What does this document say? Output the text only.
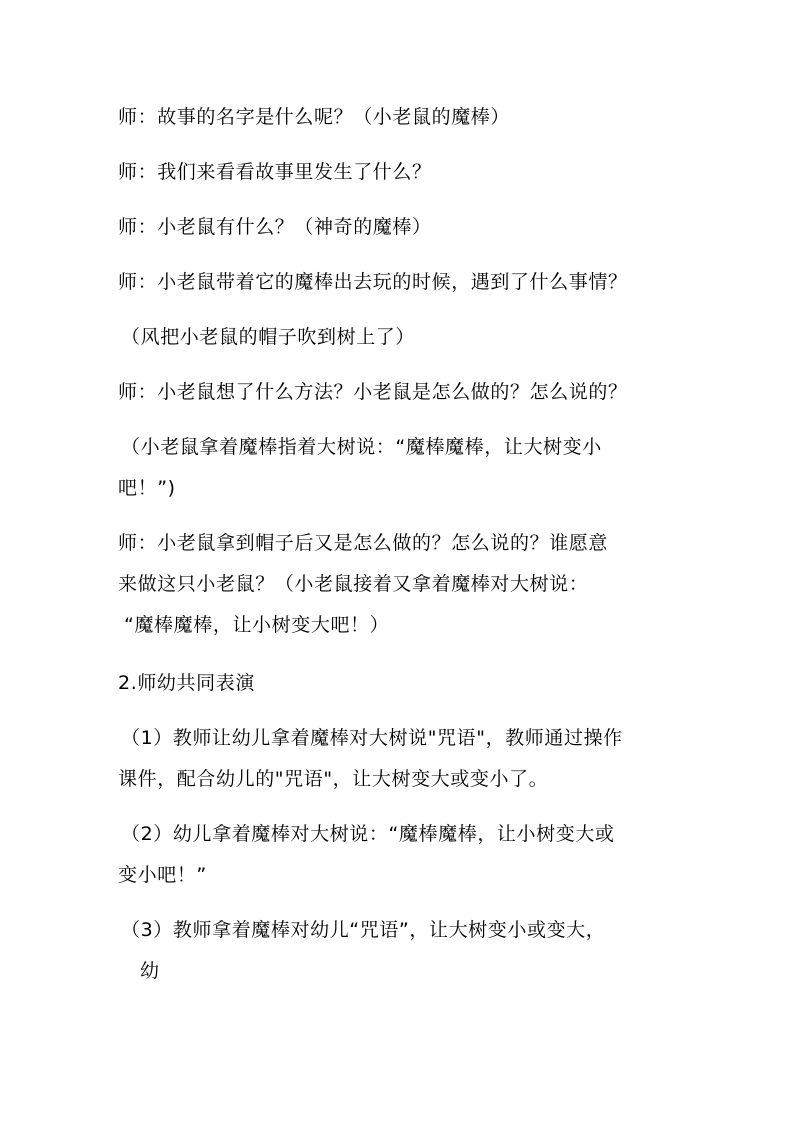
师：故事的名字是什么呢？（小老鼠的魔棒）
师：我们来看看故事里发生了什么？
师：小老鼠有什么？（神奇的魔棒）
师：小老鼠带着它的魔棒出去玩的时候，遇到了什么事情？
（风把小老鼠的帽子吹到树上了）
师：小老鼠想了什么方法？小老鼠是怎么做的？怎么说的？
（小老鼠拿着魔棒指着大树说：“魔棒魔棒，让大树变小
吧！”)
师：小老鼠拿到帽子后又是怎么做的？怎么说的？谁愿意
来做这只小老鼠？（小老鼠接着又拿着魔棒对大树说：
“魔棒魔棒，让小树变大吧！）
2.师幼共同表演
（1）教师让幼儿拿着魔棒对大树说"咒语"，教师通过操作
课件，配合幼儿的"咒语"，让大树变大或变小了。
（2）幼儿拿着魔棒对大树说：“魔棒魔棒，让小树变大或
变小吧！”
（3）教师拿着魔棒对幼儿“咒语”，让大树变小或变大，
幼
